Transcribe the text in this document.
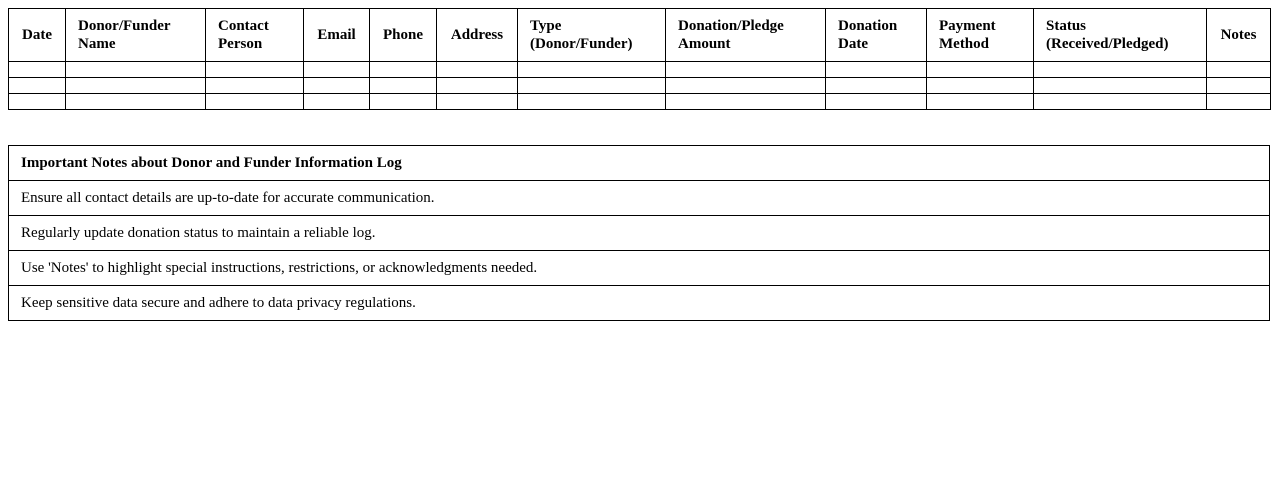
Date	Donor/Funder Name	Contact Person	Email	Phone	Address	Type (Donor/Funder)	Donation/Pledge Amount	Donation Date	Payment Method	Status (Received/Pledged)	Notes

Important Notes about Donor and Funder Information Log
Ensure all contact details are up-to-date for accurate communication.
Regularly update donation status to maintain a reliable log.
Use 'Notes' to highlight special instructions, restrictions, or acknowledgments needed.
Keep sensitive data secure and adhere to data privacy regulations.
